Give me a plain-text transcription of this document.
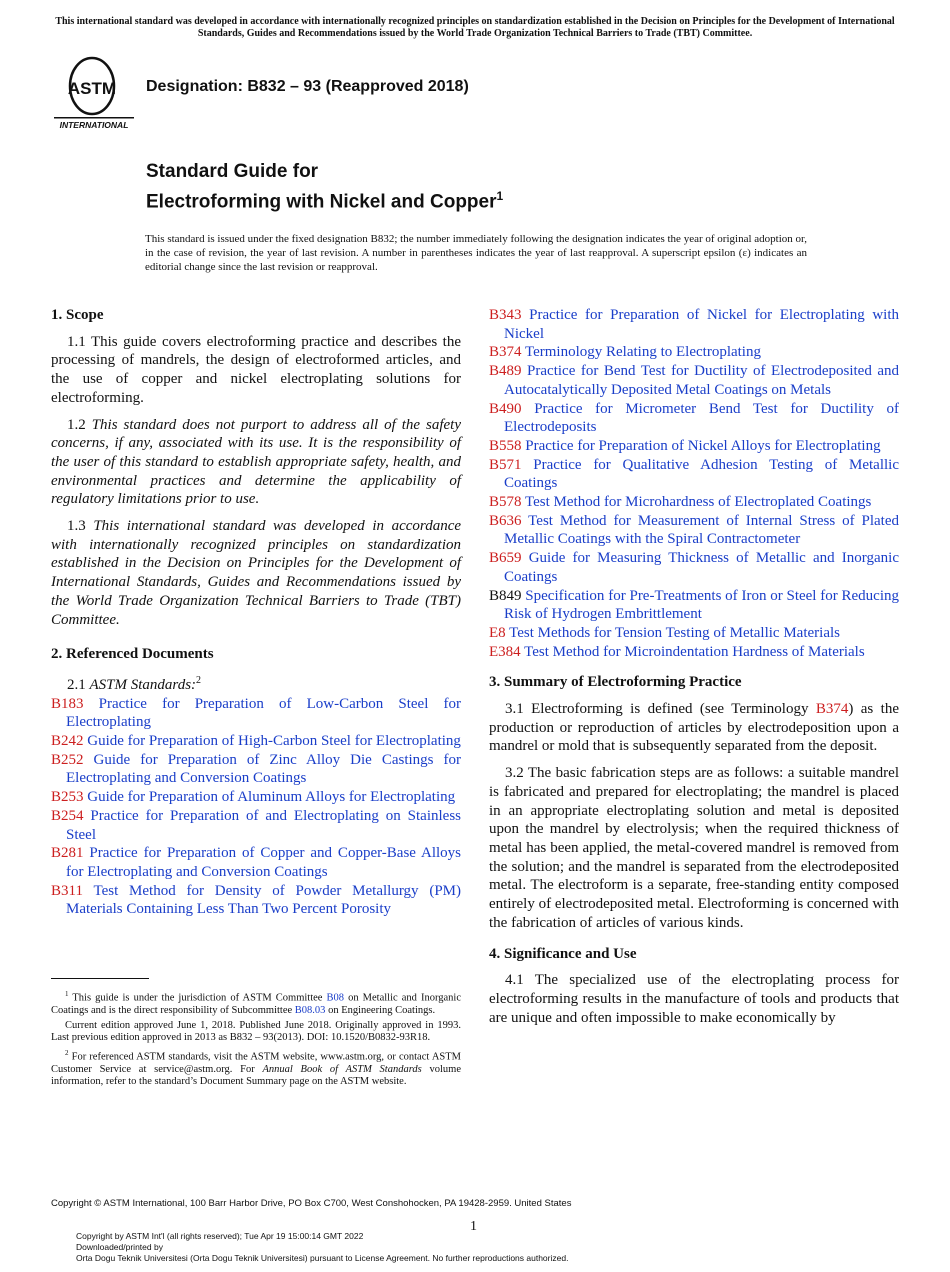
This international standard was developed in accordance with internationally recognized principles on standardization established in the Decision on Principles for the Development of International Standards, Guides and Recommendations issued by the World Trade Organization Technical Barriers to Trade (TBT) Committee.
ASTM
INTERNATIONAL
Designation: B832 – 93 (Reapproved 2018)
Standard Guide for
Electroforming with Nickel and Copper$^1$
This standard is issued under the fixed designation B832; the number immediately following the designation indicates the year of original adoption or, in the case of revision, the year of last revision. A number in parentheses indicates the year of last reapproval. A superscript epsilon (ε) indicates an editorial change since the last revision or reapproval.
1. Scope

1.1 This guide covers electroforming practice and describes the processing of mandrels, the design of electroformed articles, and the use of copper and nickel electroplating solutions for electroforming.

1.2 This standard does not purport to address all of the safety concerns, if any, associated with its use. It is the responsibility of the user of this standard to establish appropriate safety, health, and environmental practices and determine the applicability of regulatory limitations prior to use.

1.3 This international standard was developed in accordance with internationally recognized principles on standardization established in the Decision on Principles for the Development of International Standards, Guides and Recommendations issued by the World Trade Organization Technical Barriers to Trade (TBT) Committee.

2. Referenced Documents

2.1 ASTM Standards:$^2$

B183 Practice for Preparation of Low-Carbon Steel for Electroplating

B242 Guide for Preparation of High-Carbon Steel for Electroplating

B252 Guide for Preparation of Zinc Alloy Die Castings for Electroplating and Conversion Coatings

B253 Guide for Preparation of Aluminum Alloys for Electroplating

B254 Practice for Preparation of and Electroplating on Stainless Steel

B281 Practice for Preparation of Copper and Copper-Base Alloys for Electroplating and Conversion Coatings

B311 Test Method for Density of Powder Metallurgy (PM) Materials Containing Less Than Two Percent Porosity

$^1$ This guide is under the jurisdiction of ASTM Committee B08 on Metallic and Inorganic Coatings and is the direct responsibility of Subcommittee B08.03 on Engineering Coatings.

Current edition approved June 1, 2018. Published June 2018. Originally approved in 1993. Last previous edition approved in 2013 as B832 – 93(2013). DOI: 10.1520/B0832-93R18.

$^2$ For referenced ASTM standards, visit the ASTM website, www.astm.org, or contact ASTM Customer Service at service@astm.org. For Annual Book of ASTM Standards volume information, refer to the standard’s Document Summary page on the ASTM website.

B343 Practice for Preparation of Nickel for Electroplating with Nickel

B374 Terminology Relating to Electroplating

B489 Practice for Bend Test for Ductility of Electrodeposited and Autocatalytically Deposited Metal Coatings on Metals

B490 Practice for Micrometer Bend Test for Ductility of Electrodeposits

B558 Practice for Preparation of Nickel Alloys for Electroplating

B571 Practice for Qualitative Adhesion Testing of Metallic Coatings

B578 Test Method for Microhardness of Electroplated Coatings

B636 Test Method for Measurement of Internal Stress of Plated Metallic Coatings with the Spiral Contractometer

B659 Guide for Measuring Thickness of Metallic and Inorganic Coatings

B849 Specification for Pre-Treatments of Iron or Steel for Reducing Risk of Hydrogen Embrittlement

E8 Test Methods for Tension Testing of Metallic Materials

E384 Test Method for Microindentation Hardness of Materials

3. Summary of Electroforming Practice

3.1 Electroforming is defined (see Terminology B374) as the production or reproduction of articles by electrodeposition upon a mandrel or mold that is subsequently separated from the deposit.

3.2 The basic fabrication steps are as follows: a suitable mandrel is fabricated and prepared for electroplating; the mandrel is placed in an appropriate electroplating solution and metal is deposited upon the mandrel by electrolysis; when the required thickness of metal has been applied, the metal-covered mandrel is removed from the solution; and the mandrel is separated from the electrodeposited metal. The electroform is a separate, free-standing entity composed entirely of electrodeposited metal. Electroforming is concerned with the fabrication of articles of various kinds.

4. Significance and Use

4.1 The specialized use of the electroplating process for electroforming results in the manufacture of tools and products that are unique and often impossible to make economically by

Copyright © ASTM International, 100 Barr Harbor Drive, PO Box C700, West Conshohocken, PA 19428-2959. United States
1
Copyright by ASTM Int'l (all rights reserved); Tue Apr 19 15:00:14 GMT 2022
Downloaded/printed by
Orta Dogu Teknik Universitesi (Orta Dogu Teknik Universitesi) pursuant to License Agreement. No further reproductions authorized.
